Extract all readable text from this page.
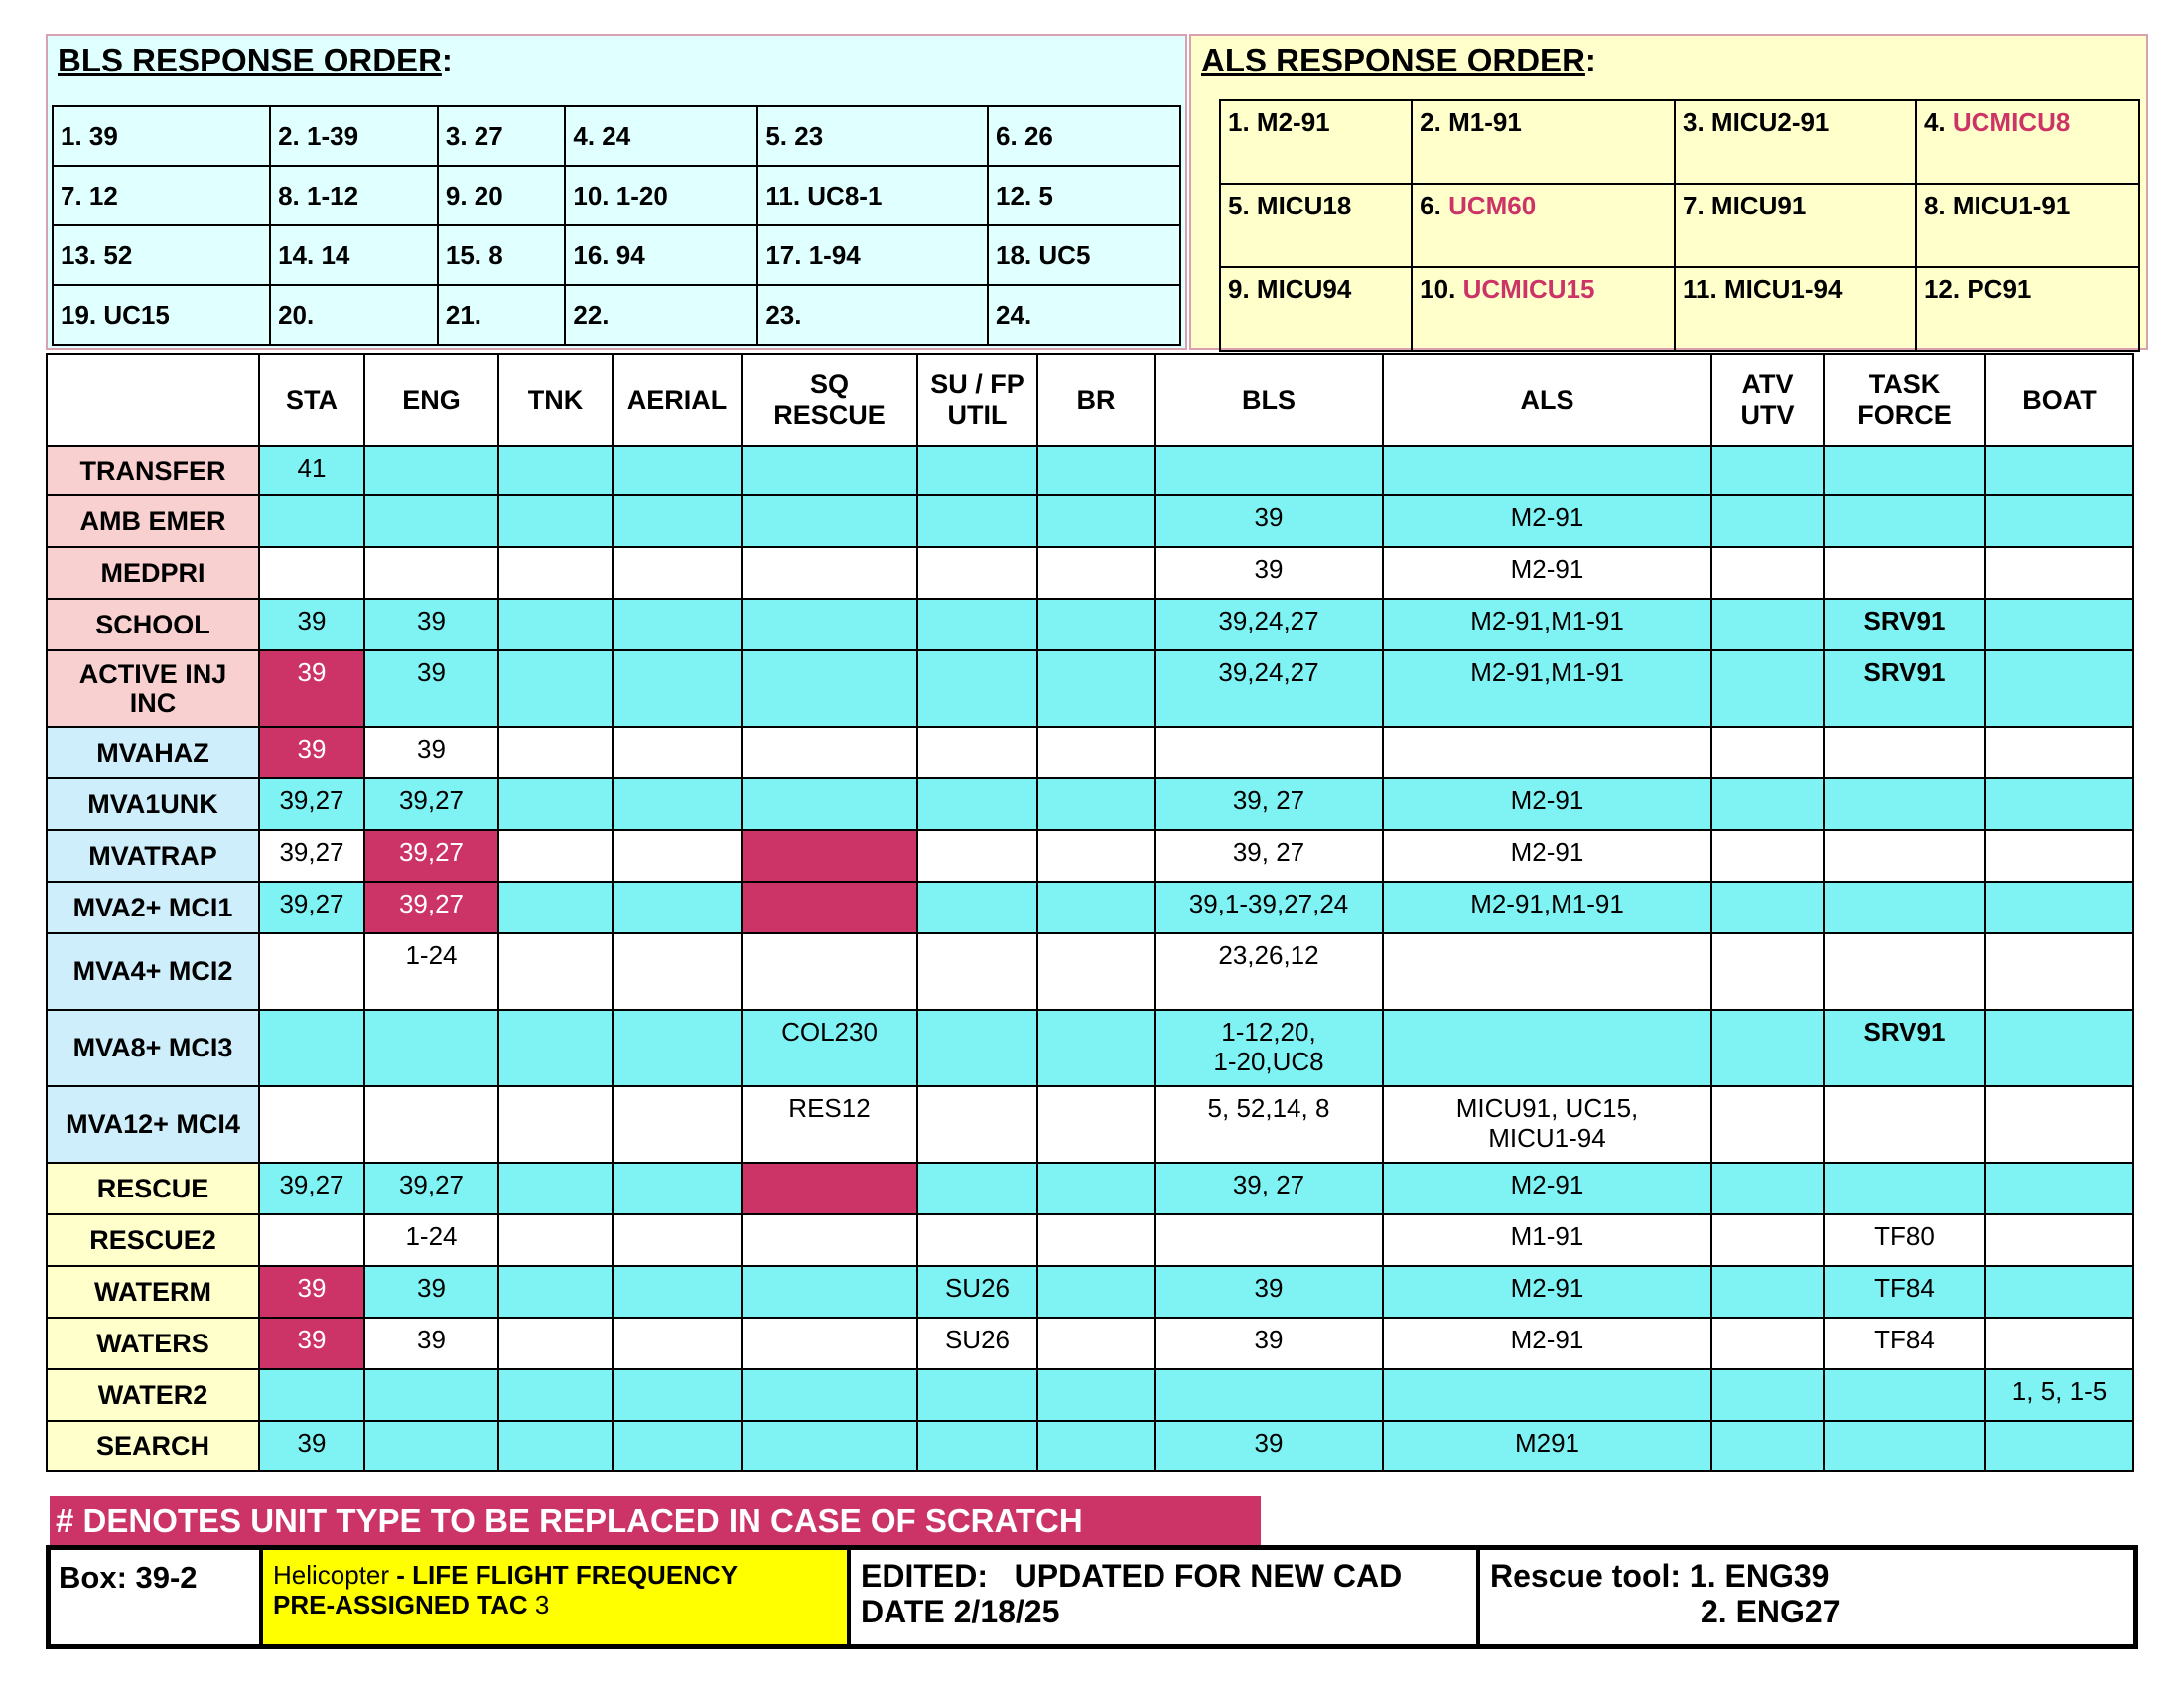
BLS RESPONSE ORDER:
1. 39	2. 1-39	3. 27	4. 24	5. 23	6. 26
7. 12	8. 1-12	9. 20	10. 1-20	11. UC8-1	12. 5
13. 52	14. 14	15. 8	16. 94	17. 1-94	18. UC5
19. UC15	20.	21.	22.	23.	24.
ALS RESPONSE ORDER:
1. M2-91	2. M1-91	3. MICU2-91	4. UCMICU8
5. MICU18	6. UCM60	7. MICU91	8. MICU1-91
9. MICU94	10. UCMICU15	11. MICU1-94	12. PC91
	STA	ENG	TNK	AERIAL	SQ
RESCUE	SU / FP
UTIL	BR	BLS	ALS	ATV
UTV	TASK
FORCE	BOAT
TRANSFER	41											
AMB EMER								39	M2-91			
MEDPRI								39	M2-91			
SCHOOL	39	39						39,24,27	M2-91,M1-91		SRV91	
ACTIVE INJ
INC	39	39						39,24,27	M2-91,M1-91		SRV91	
MVAHAZ	39	39										
MVA1UNK	39,27	39,27						39, 27	M2-91			
MVATRAP	39,27	39,27						39, 27	M2-91			
MVA2+ MCI1	39,27	39,27						39,1-39,27,24	M2-91,M1-91			
MVA4+ MCI2		1-24						23,26,12				
MVA8+ MCI3					COL230			1-12,20,
1-20,UC8			SRV91	
MVA12+ MCI4					RES12			5, 52,14, 8	MICU91, UC15,
MICU1-94			
RESCUE	39,27	39,27						39, 27	M2-91			
RESCUE2		1-24							M1-91		TF80	
WATERM	39	39				SU26		39	M2-91		TF84	
WATERS	39	39				SU26		39	M2-91		TF84	
WATER2												1, 5, 1-5
SEARCH	39							39	M291			
# DENOTES UNIT TYPE TO BE REPLACED IN CASE OF SCRATCH
Box: 39-2	Helicopter - LIFE FLIGHT FREQUENCY
PRE-ASSIGNED TAC 3
EDITED:   UPDATED FOR NEW CAD
DATE 2/18/25
Rescue tool: 1. ENG39
2. ENG27
